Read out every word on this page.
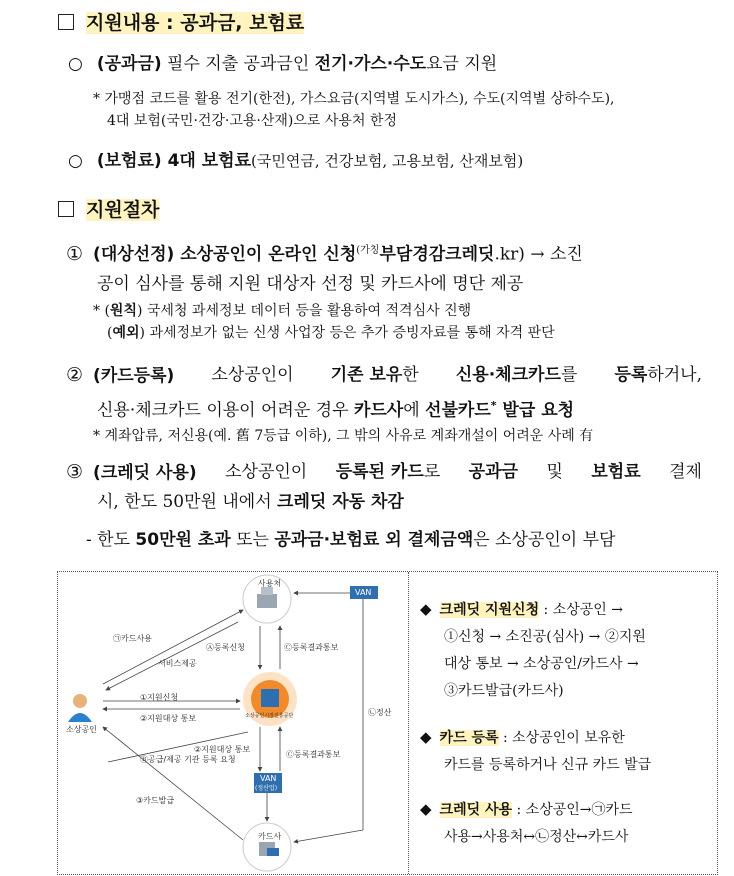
지원내용 : 공과금, 보험료
○ (공과금) 필수 지출 공과금인 전기·가스·수도요금 지원
* 가맹점 코드를 활용 전기(한전), 가스요금(지역별 도시가스), 수도(지역별 상하수도),
4대 보험(국민·건강·고용·산재)으로 사용처 한정
○ (보험료) 4대 보험료(국민연금, 건강보험, 고용보험, 산재보험)
지원절차
① (대상선정) 소상공인이 온라인 신청$^{(가칭}$부담경감크레딧.kr) → 소진
공이 심사를 통해 지원 대상자 선정 및 카드사에 명단 제공
* (원칙) 국세청 과세정보 데이터 등을 활용하여 적격심사 진행
(예외) 과세정보가 없는 신생 사업장 등은 추가 증빙자료를 통해 자격 판단
② (카드등록) 소상공인이 기존 보유한 신용·체크카드를 등록하거나,
신용·체크카드 이용이 어려운 경우 카드사에 선불카드* 발급 요청
* 계좌압류, 저신용(예. 舊 7등급 이하), 그 밖의 사유로 계좌개설이 어려운 사례 有
③ (크레딧 사용) 소상공인이 등록된 카드로 공과금 및 보험료 결제
시, 한도 50만원 내에서 크레딧 자동 차감
- 한도 50만원 초과 또는 공과금·보험료 외 결제금액은 소상공인이 부담
사용처
VAN
소상공인
카드사
VAN
(정산업)
소상공인시장진흥공단
㉠카드사용
서비스제공
Ⓐ등록신청	Ⓒ등록결과통보
①지원신청
②지원대상 통보
②지원대상 통보
Ⓑ공급/제공 기관 등록 요청
Ⓒ등록결과통보
③카드발급
㉡정산
◆ 크레딧 지원신청 : 소상공인 →
①신청 → 소진공(심사) → ②지원
대상 통보 → 소상공인/카드사 →
③카드발급(카드사)
◆ 카드 등록 : 소상공인이 보유한
카드를 등록하거나 신규 카드 발급
◆ 크레딧 사용 : 소상공인→㉠카드
사용→사용처↔㉡정산↔카드사
